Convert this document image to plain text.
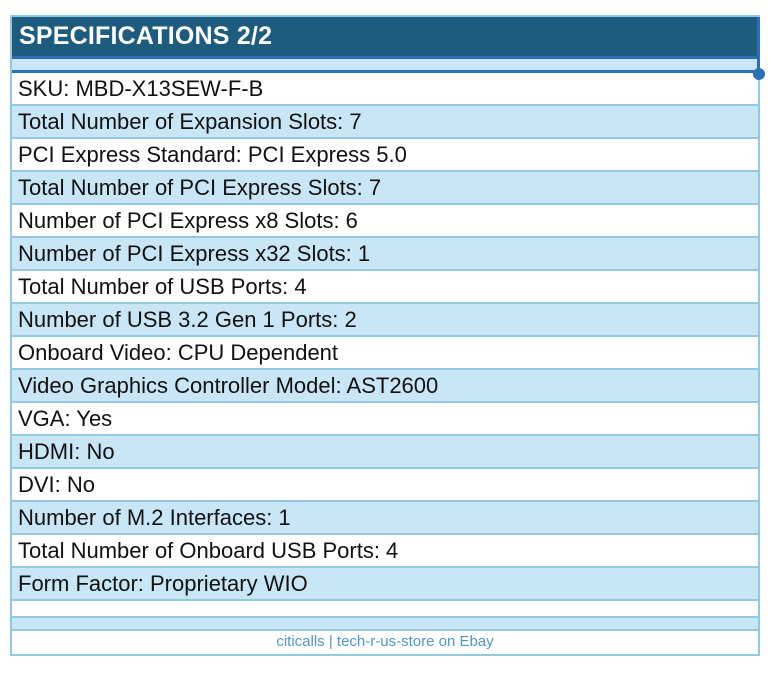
SPECIFICATIONS 2/2
SKU: MBD-X13SEW-F-B
Total Number of Expansion Slots: 7
PCI Express Standard: PCI Express 5.0
Total Number of PCI Express Slots: 7
Number of PCI Express x8 Slots: 6
Number of PCI Express x32 Slots: 1
Total Number of USB Ports: 4
Number of USB 3.2 Gen 1 Ports: 2
Onboard Video: CPU Dependent
Video Graphics Controller Model: AST2600
VGA: Yes
HDMI: No
DVI: No
Number of M.2 Interfaces: 1
Total Number of Onboard USB Ports: 4
Form Factor: Proprietary WIO
citicalls | tech-r-us-store on Ebay
